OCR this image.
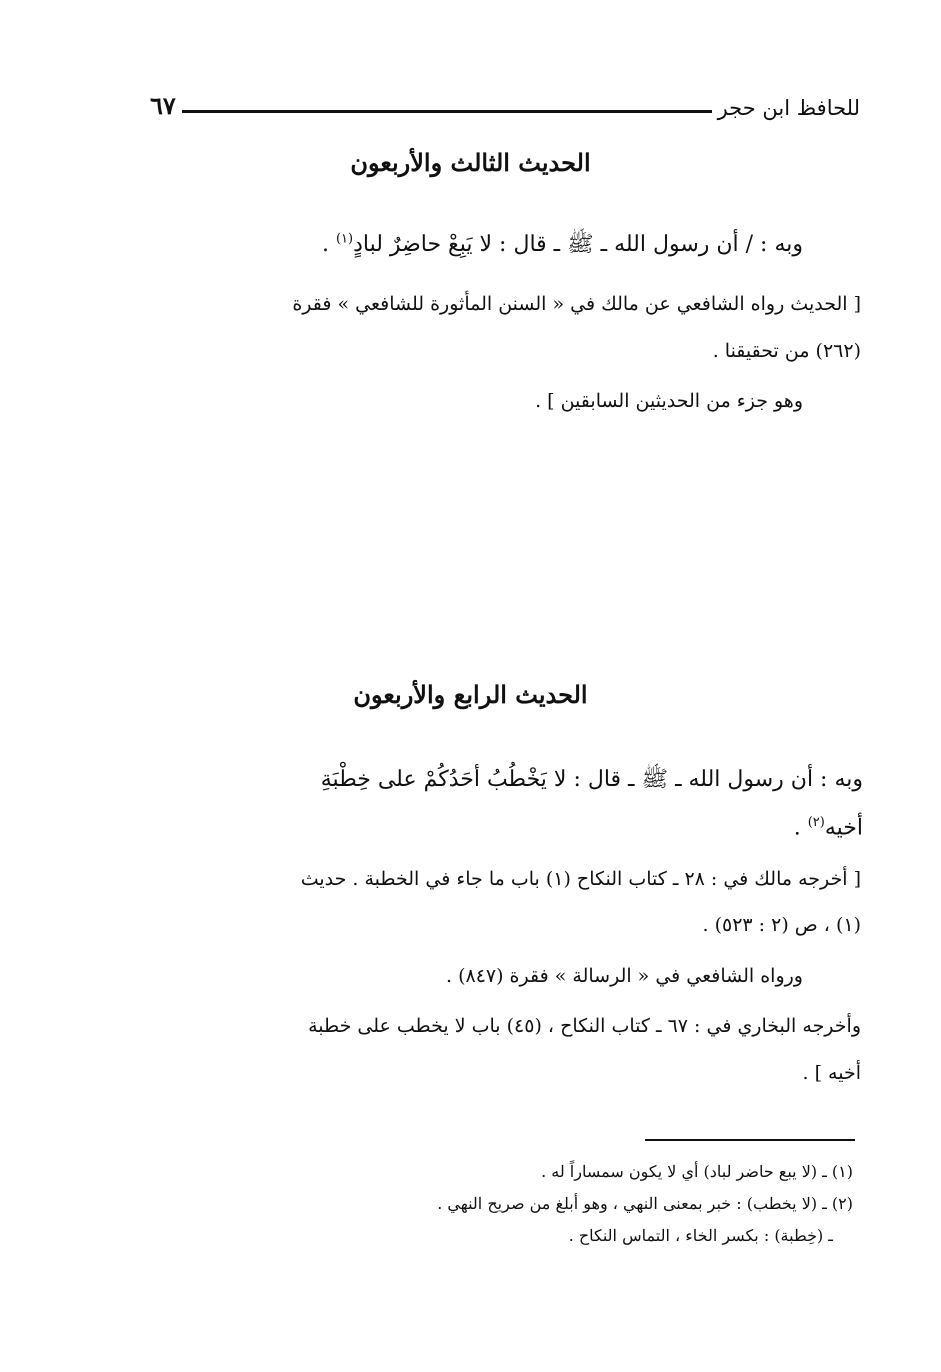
للحافظ ابن حجر
٦٧
الحديث الثالث والأربعون
وبه : / أن رسول الله ـ ﷺ ـ قال : لا يَبِعْ حاضِرٌ لبادٍ$^{(١)}$ .
[ الحديث رواه الشافعي عن مالك في « السنن المأثورة للشافعي » فقرة
(٢٦٢) من تحقيقنا .
وهو جزء من الحديثين السابقين ] .
الحديث الرابع والأربعون
وبه : أن رسول الله ـ ﷺ ـ قال : لا يَخْطُبُ أحَدُكُمْ على خِطْبَةِ
أخيه$^{(٢)}$ .
[ أخرجه مالك في : ٢٨ ـ كتاب النكاح (١) باب ما جاء في الخطبة . حديث
(١) ، ص (٢ : ٥٢٣) .
ورواه الشافعي في « الرسالة » فقرة (٨٤٧) .
وأخرجه البخاري في : ٦٧ ـ كتاب النكاح ، (٤٥) باب لا يخطب على خطبة
أخيه ] .
(١) ـ (لا يبع حاضر لباد) أي لا يكون سمساراً له .
(٢) ـ (لا يخطب) : خبر بمعنى النهي ، وهو أبلغ من صريح النهي .
ـ (خِطبة) : بكسر الخاء ، التماس النكاح .
